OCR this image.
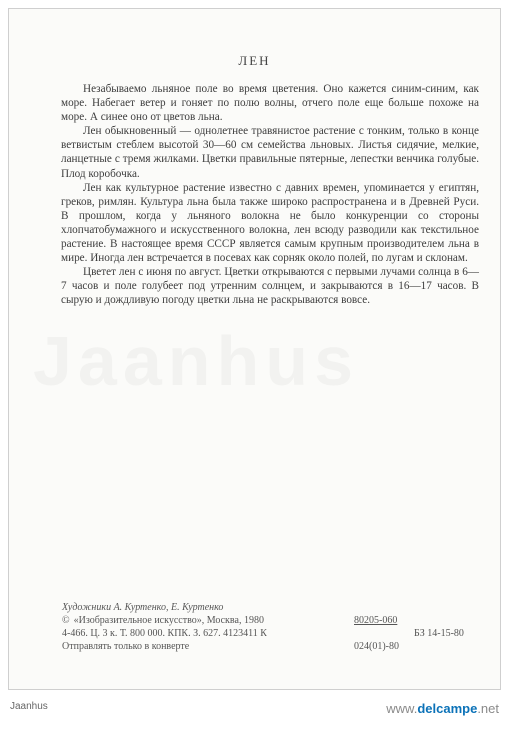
ЛЕН

Незабываемо льняное поле во время цветения. Оно кажется синим-синим, как море. Набегает ветер и гоняет по полю волны, отчего поле еще больше похоже на море. А синее оно от цветов льна.

Лен обыкновенный — однолетнее травянистое растение с тонким, только в конце ветвистым стеблем высотой 30—60 см семейства льновых. Листья сидячие, мелкие, ланцетные с тремя жилками. Цветки правильные пятерные, лепестки венчика голубые. Плод коробочка.

Лен как культурное растение известно с давних времен, упоминается у египтян, греков, римлян. Культура льна была также широко распространена и в Древней Руси. В прошлом, когда у льняного волокна не было конкуренции со стороны хлопчатобумажного и искусственного волокна, лен всюду разводили как текстильное растение. В настоящее время СССР является самым крупным производителем льна в мире. Иногда лен встречается в посевах как сорняк около полей, по лугам и склонам.

Цветет лен с июня по август. Цветки открываются с первыми лучами солнца в 6—7 часов и поле голубеет под утренним солнцем, и закрываются в 16—17 часов. В сырую и дождливую погоду цветки льна не раскрываются вовсе.

Художники А. Куртенко, Е. Куртенко
© «Изобразительное искусство», Москва, 1980
4-466. Ц. 3 к. Т. 800 000. КПК. З. 627. 4123411 К
Отправлять только в конверте
80205-060
024(01)-80
БЗ 14-15-80
Jaanhus	www.delcampe.net
